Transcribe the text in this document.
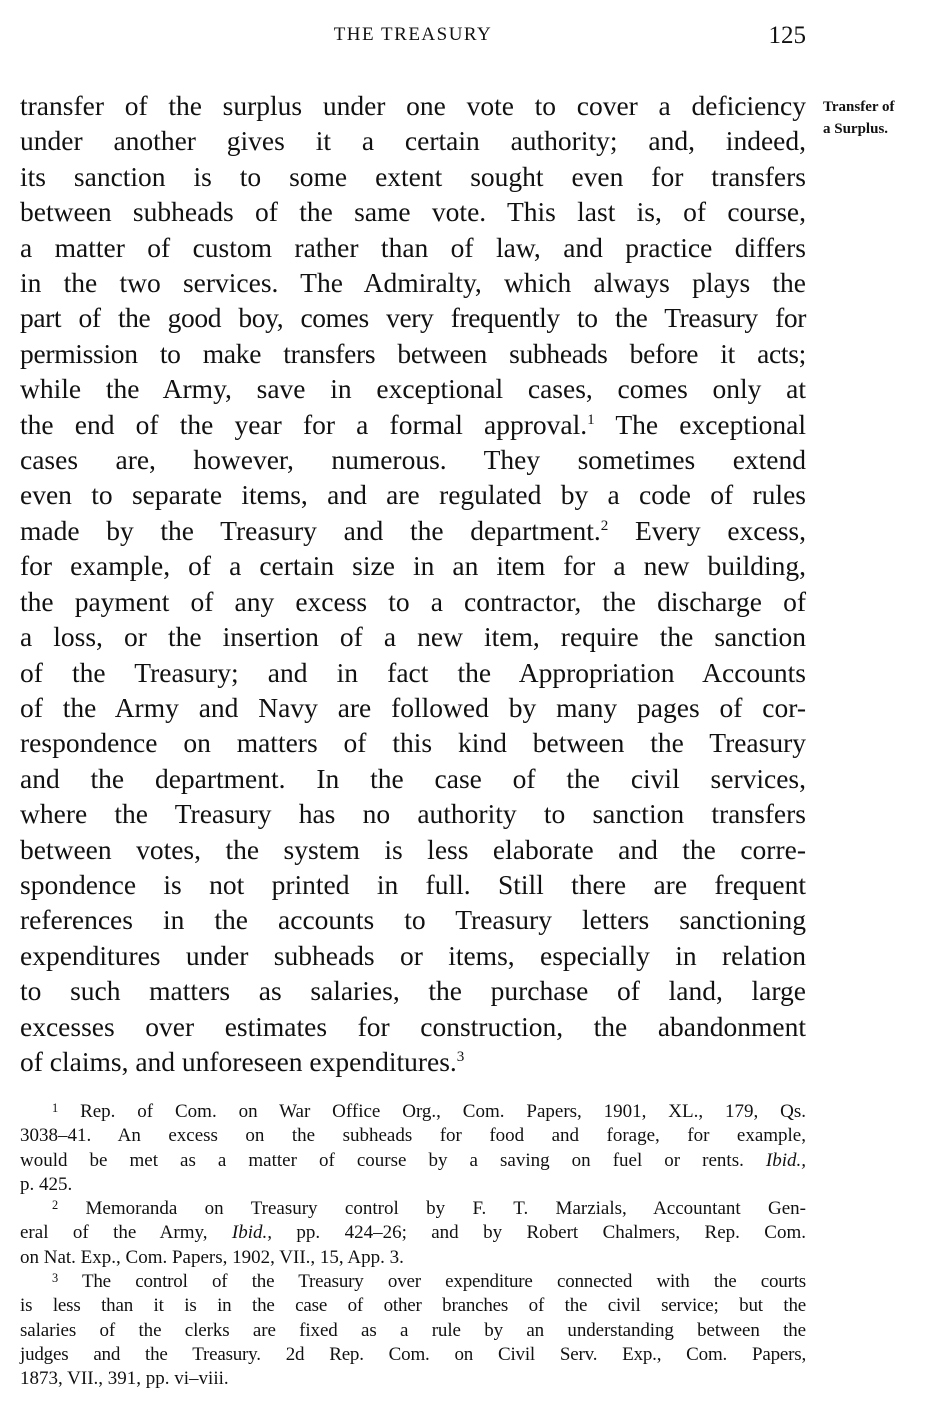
THE TREASURY	125
Transfer of
a Surplus.
transfer of the surplus under one vote to cover a deficiency
under another gives it a certain authority; and, indeed,
its sanction is to some extent sought even for transfers
between subheads of the same vote. This last is, of course,
a matter of custom rather than of law, and practice differs
in the two services. The Admiralty, which always plays the
part of the good boy, comes very frequently to the Treasury for
permission to make transfers between subheads before it acts;
while the Army, save in exceptional cases, comes only at
the end of the year for a formal approval.$^1$ The exceptional
cases are, however, numerous. They sometimes extend
even to separate items, and are regulated by a code of rules
made by the Treasury and the department.$^2$ Every excess,
for example, of a certain size in an item for a new building,
the payment of any excess to a contractor, the discharge of
a loss, or the insertion of a new item, require the sanction
of the Treasury; and in fact the Appropriation Accounts
of the Army and Navy are followed by many pages of cor-
respondence on matters of this kind between the Treasury
and the department. In the case of the civil services,
where the Treasury has no authority to sanction transfers
between votes, the system is less elaborate and the corre-
spondence is not printed in full. Still there are frequent
references in the accounts to Treasury letters sanctioning
expenditures under subheads or items, especially in relation
to such matters as salaries, the purchase of land, large
excesses over estimates for construction, the abandonment
of claims, and unforeseen expenditures.$^3$
$^1$ Rep. of Com. on War Office Org., Com. Papers, 1901, XL., 179, Qs.
3038–41. An excess on the subheads for food and forage, for example,
would be met as a matter of course by a saving on fuel or rents. Ibid.,
p. 425.
$^2$ Memoranda on Treasury control by F. T. Marzials, Accountant Gen-
eral of the Army, Ibid., pp. 424–26; and by Robert Chalmers, Rep. Com.
on Nat. Exp., Com. Papers, 1902, VII., 15, App. 3.
$^3$ The control of the Treasury over expenditure connected with the courts
is less than it is in the case of other branches of the civil service; but the
salaries of the clerks are fixed as a rule by an understanding between the
judges and the Treasury. 2d Rep. Com. on Civil Serv. Exp., Com. Papers,
1873, VII., 391, pp. vi–viii.
